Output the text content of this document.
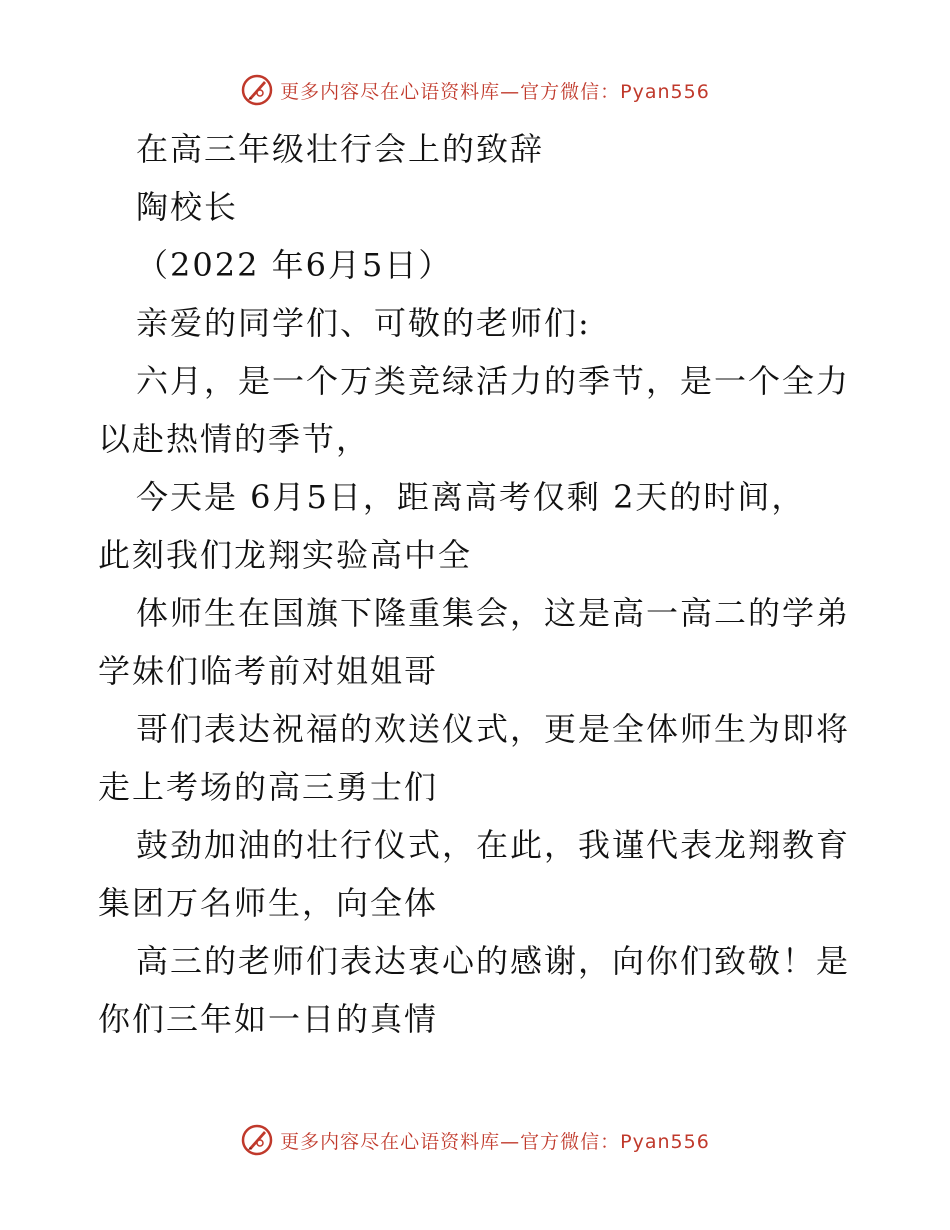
更多内容尽在心语资料库—官方微信：Pyan556
在高三年级壮行会上的致辞
陶校长
（2022 年6月5日）
亲爱的同学们、可敬的老师们:
六月，是一个万类竞绿活力的季节，是一个全力
以赴热情的季节，
今天是 6月5日，距离高考仅剩 2天的时间，
此刻我们龙翔实验高中全
体师生在国旗下隆重集会，这是高一高二的学弟
学妹们临考前对姐姐哥
哥们表达祝福的欢送仪式，更是全体师生为即将
走上考场的高三勇士们
鼓劲加油的壮行仪式，在此，我谨代表龙翔教育
集团万名师生，向全体
高三的老师们表达衷心的感谢，向你们致敬！是
你们三年如一日的真情
更多内容尽在心语资料库—官方微信：Pyan556
